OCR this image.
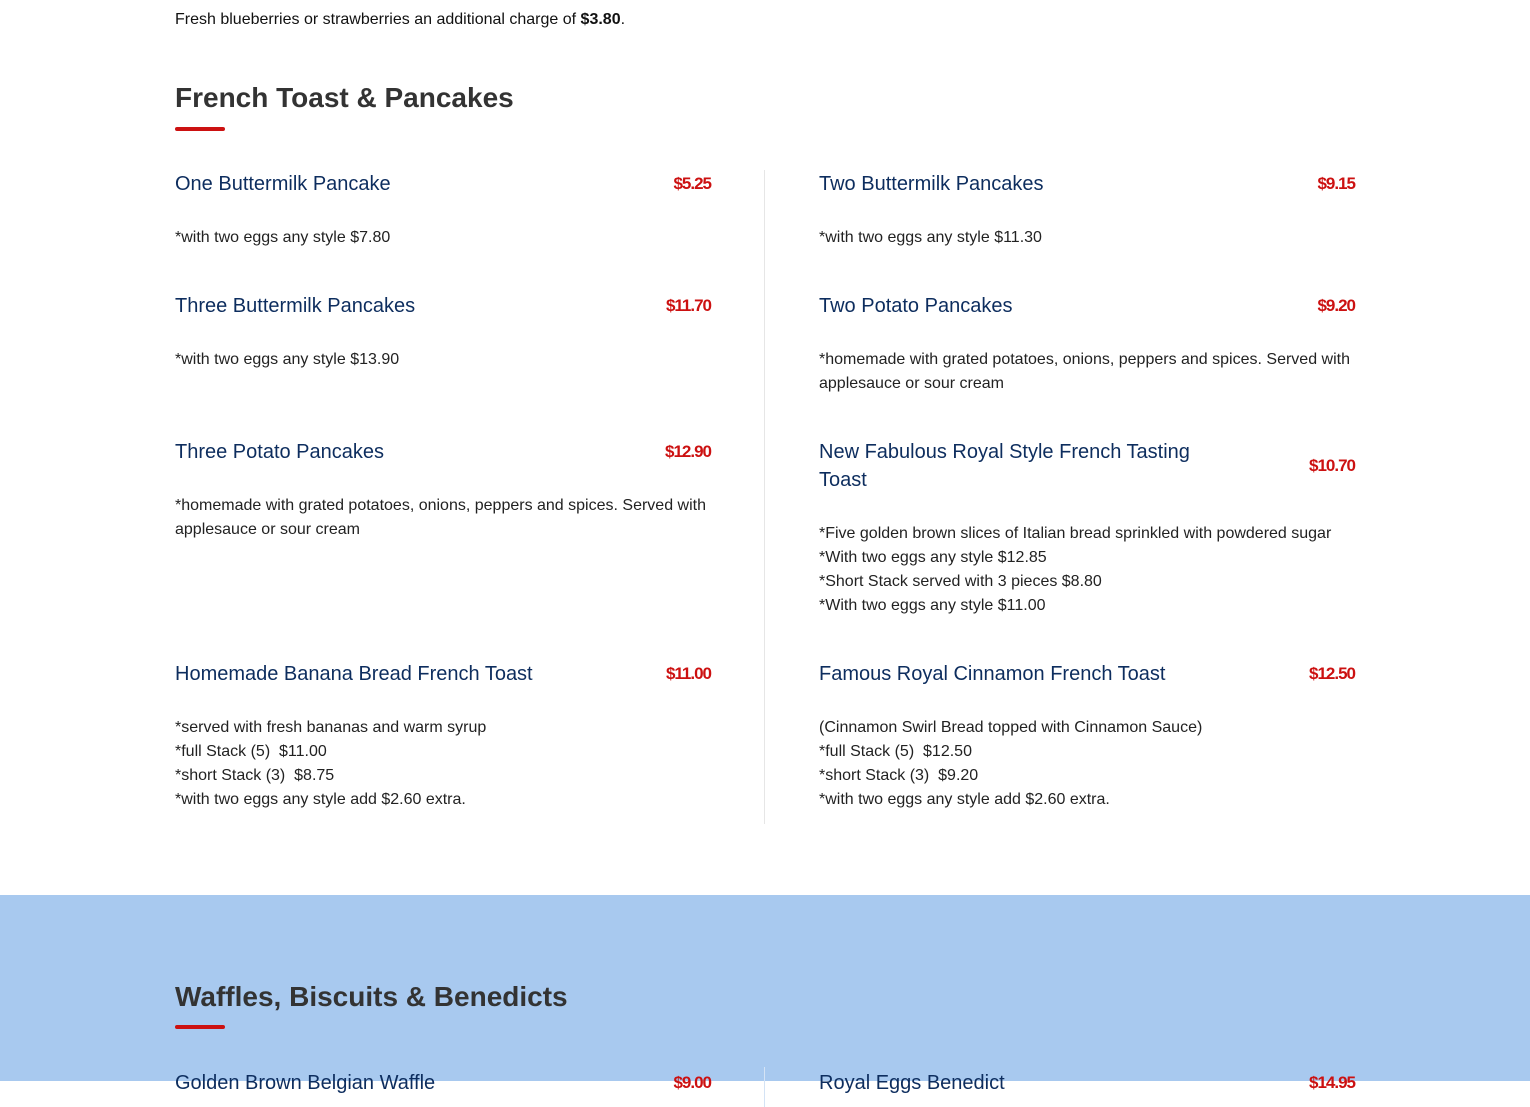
Fresh blueberries or strawberries an additional charge of $3.80.
French Toast & Pancakes
One Buttermilk Pancake	$5.25
*with two eggs any style $7.80
Two Buttermilk Pancakes	$9.15
*with two eggs any style $11.30
Three Buttermilk Pancakes	$11.70
*with two eggs any style $13.90
Two Potato Pancakes	$9.20
*homemade with grated potatoes, onions, peppers and spices. Served with applesauce or sour cream
Three Potato Pancakes	$12.90
*homemade with grated potatoes, onions, peppers and spices. Served with applesauce or sour cream
New Fabulous Royal Style French Tasting Toast
$10.70
*Five golden brown slices of Italian bread sprinkled with powdered sugar
*With two eggs any style $12.85
*Short Stack served with 3 pieces $8.80
*With two eggs any style $11.00
Homemade Banana Bread French Toast	$11.00
*served with fresh bananas and warm syrup
*full Stack (5)  $11.00
*short Stack (3)  $8.75
*with two eggs any style add $2.60 extra.
Famous Royal Cinnamon French Toast	$12.50
(Cinnamon Swirl Bread topped with Cinnamon Sauce)
*full Stack (5)  $12.50
*short Stack (3)  $9.20
*with two eggs any style add $2.60 extra.
Waffles, Biscuits & Benedicts
Golden Brown Belgian Waffle	$9.00	Royal Eggs Benedict	$14.95
